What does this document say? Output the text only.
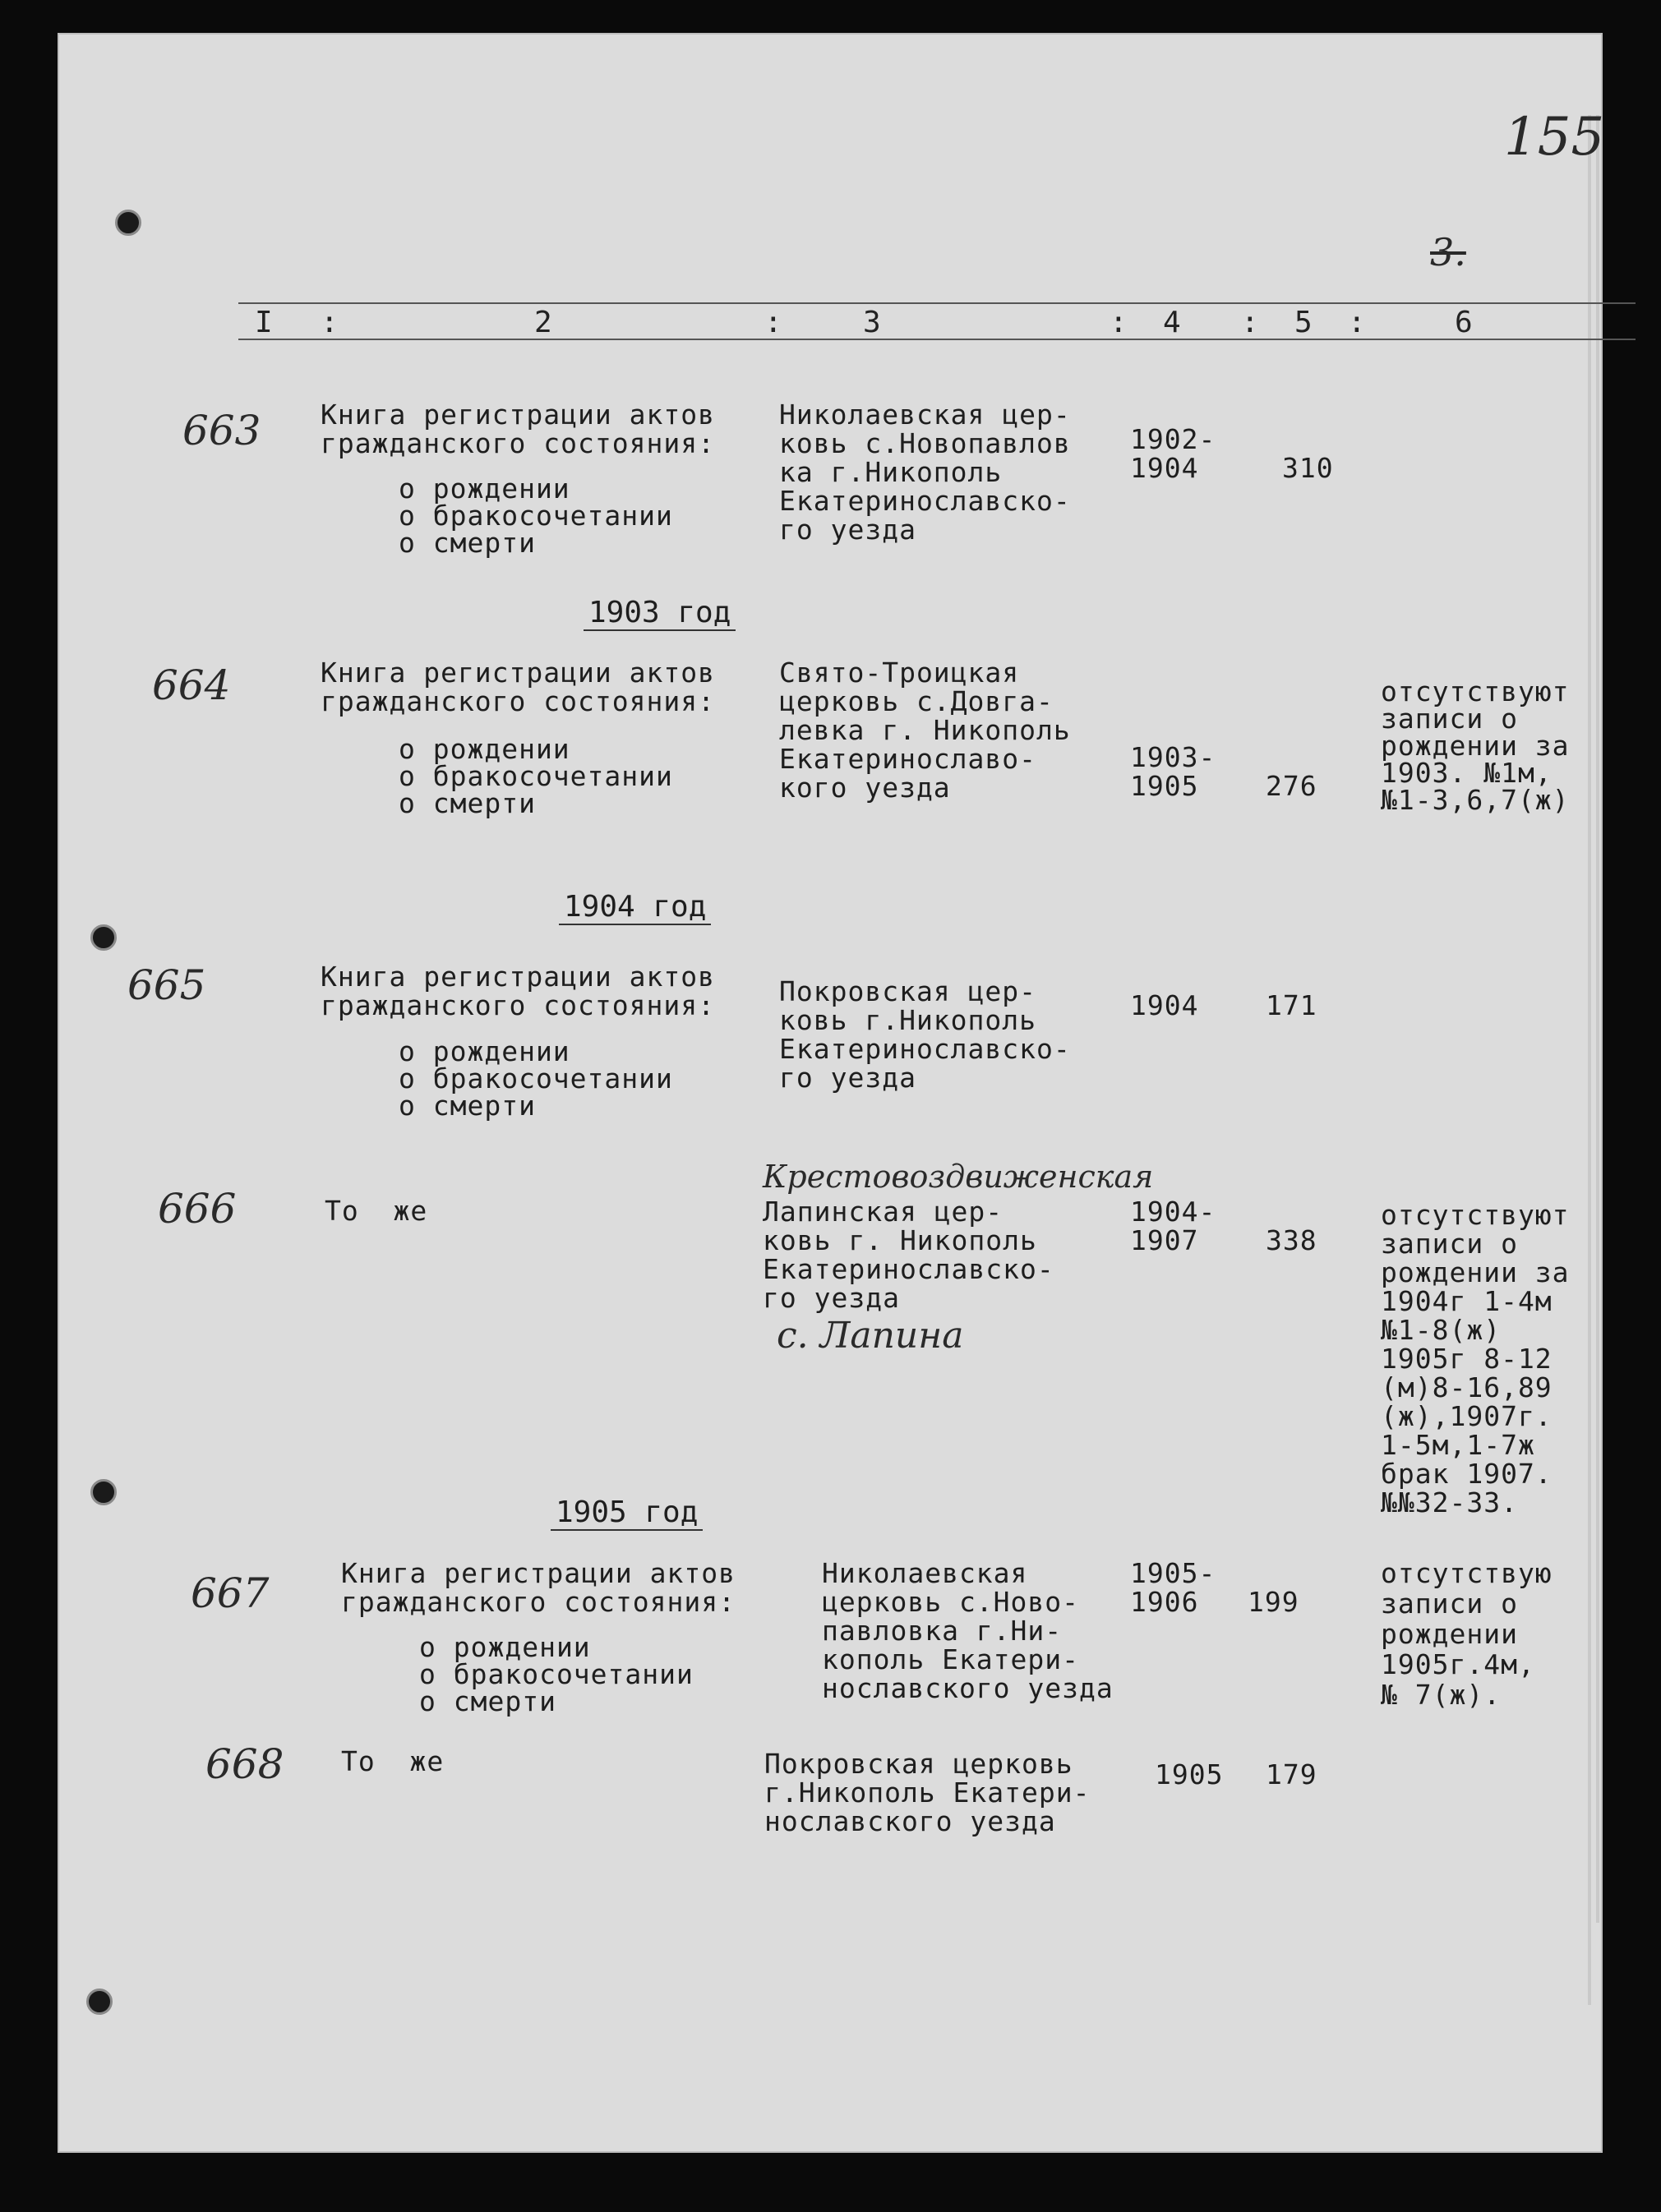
155
3.
I :	2	:	3	: 4 : 5 :	6
663 Книга регистрации актов
гражданского состояния:
о рождении
о бракосочетании
о смерти
Николаевская цер-
ковь с.Новопавлов
ка г.Никополь
Екатеринославско-
го уезда
1902-
1904	310
1903 год
664	Книга регистрации актов
гражданского состояния:
о рождении
о бракосочетании
о смерти
Свято-Троицкая
церковь с.Довга-
левка г. Никополь
Екатеринославо-
кого уезда
1903-
1905 276
отсутствуют
записи о
рождении за
1903. №1м,
№1-3,6,7(ж)
1904 год
665	Книга регистрации актов
гражданского состояния:
о рождении
о бракосочетании
о смерти
Покровская цер-
ковь г.Никополь
Екатеринославско-
го уезда
1904 171
666	То  же
Крестовоздвиженская
Лапинская цер-
ковь г. Никополь
Екатеринославско-
го уезда
с. Лапина
1904-
1907 338
отсутствуют
записи о
рождении за
1904г 1-4м
№1-8(ж)
1905г 8-12
(м)8-16,89
(ж),1907г.
1-5м,1-7ж
брак 1907.
№№32-33.
1905 год
667	Книга регистрации актов
гражданского состояния:
о рождении
о бракосочетании
о смерти
Николаевская
церковь с.Ново-
павловка г.Ни-
кополь Екатери-
нославского уезда
1905-
1906 199
отсутствую
записи о
рождении
1905г.4м,
№ 7(ж).
668 То  же	Покровская церковь
г.Никополь Екатери-
нославского уезда
1905 179
